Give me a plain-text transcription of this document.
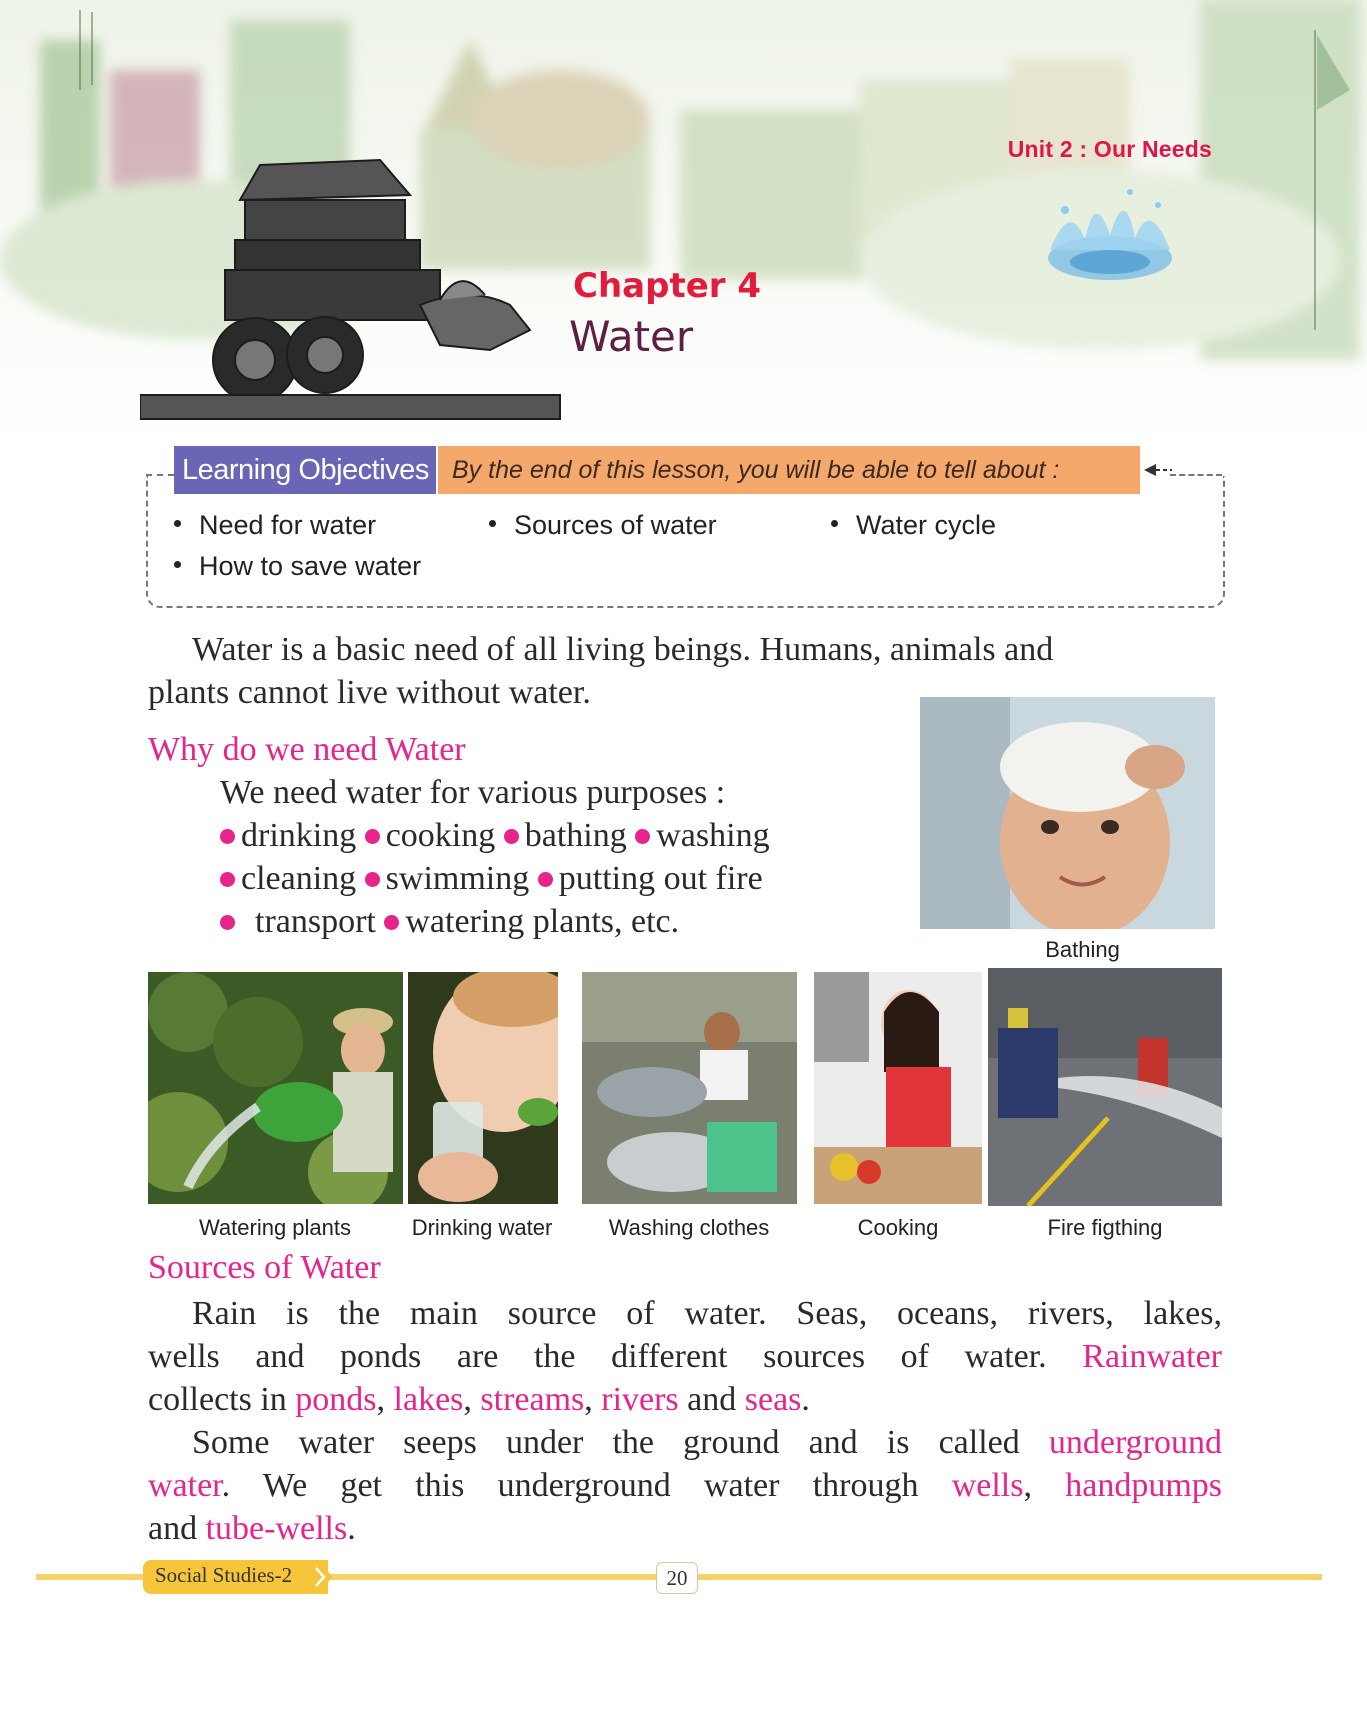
Unit 2 : Our Needs
Chapter 4
Water
Learning Objectives By the end of this lesson, you will be able to tell about :
Need for water	Sources of water	Water cycle
How to save water
Water is a basic need of all living beings. Humans, animals and
plants cannot live without water.
Why do we need Water
We need water for various purposes :
drinking cooking bathing washing
cleaning swimming putting out fire
transport watering plants, etc.
Bathing
Watering plants	Drinking water	Washing clothes	Cooking	Fire figthing
Sources of Water
Rain is the main source of water. Seas, oceans, rivers, lakes,
wells and ponds are the different sources of water. Rainwater
collects in ponds, lakes, streams, rivers and seas.
Some water seeps under the ground and is called underground
water. We get this underground water through wells, handpumps
and tube-wells.
Social Studies-2	20
